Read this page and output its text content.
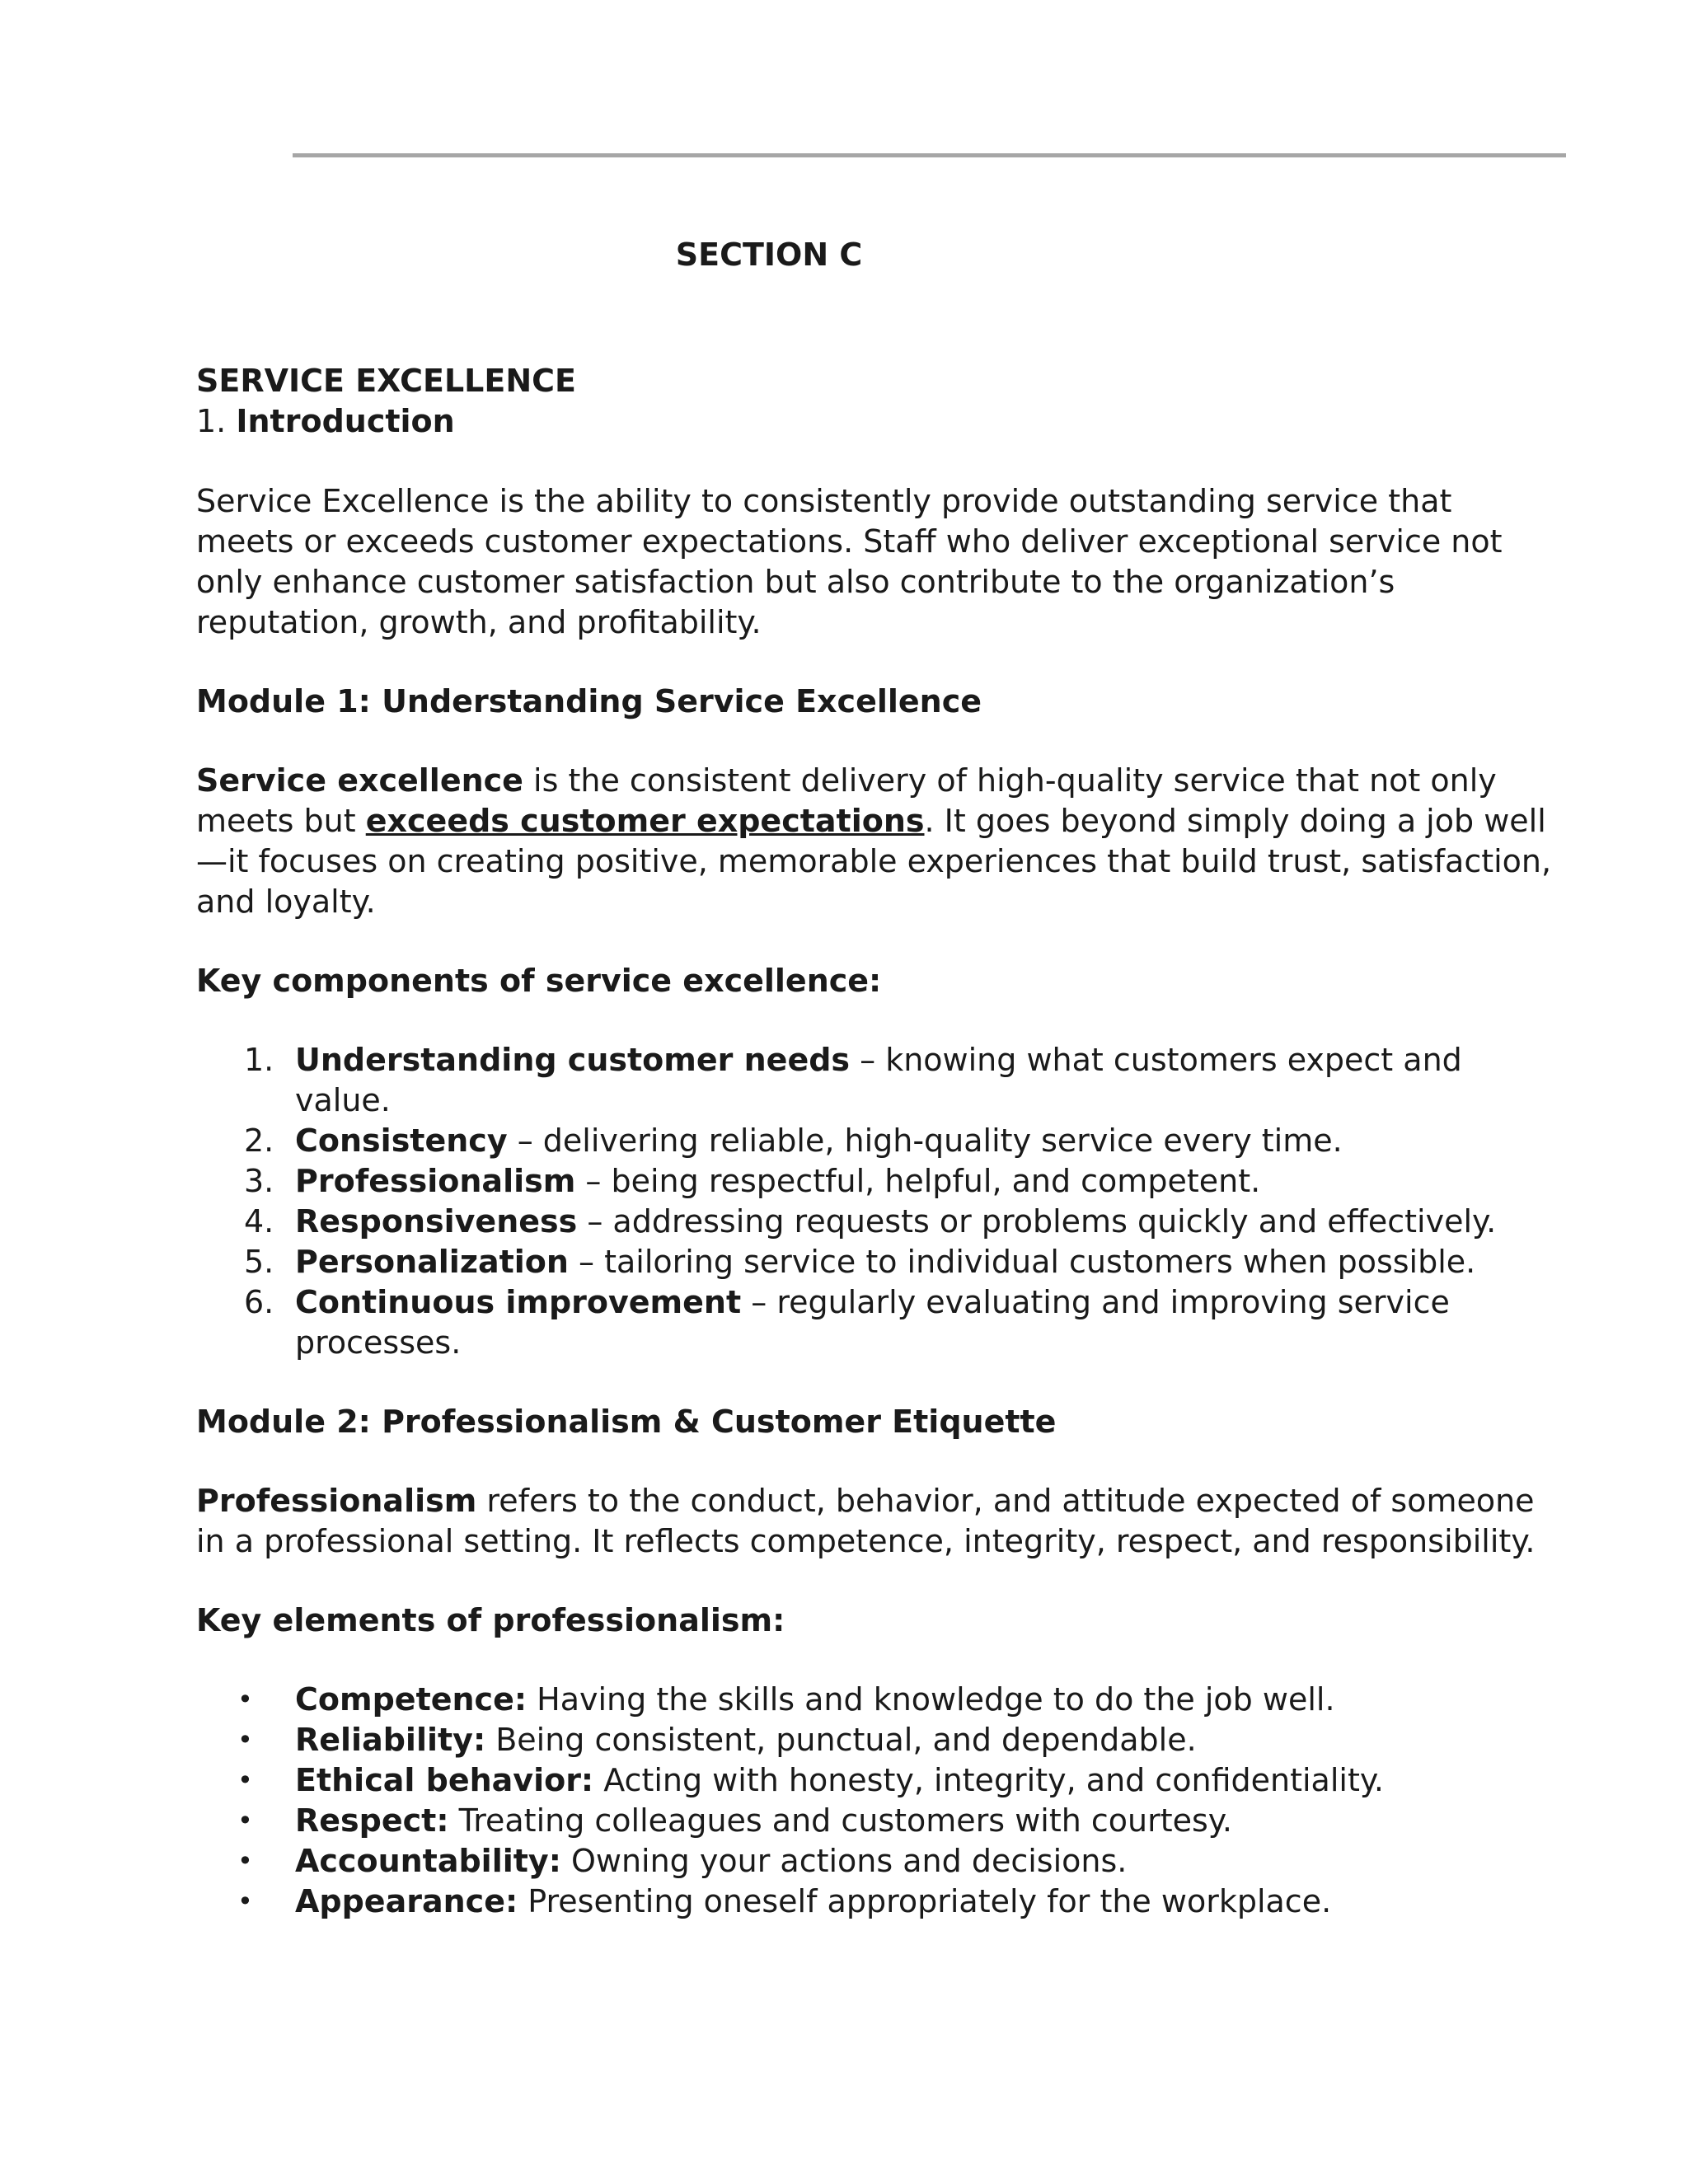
SECTION C

SERVICE EXCELLENCE

1. Introduction

Service Excellence is the ability to consistently provide outstanding service that meets or exceeds customer expectations. Staff who deliver exceptional service not only enhance customer satisfaction but also contribute to the organization’s reputation, growth, and profitability.

Module 1: Understanding Service Excellence

Service excellence is the consistent delivery of high-quality service that not only meets but exceeds customer expectations. It goes beyond simply doing a job well—it focuses on creating positive, memorable experiences that build trust, satisfaction, and loyalty.

Key components of service excellence:

1. Understanding customer needs – knowing what customers expect and value.
2. Consistency – delivering reliable, high-quality service every time.
3. Professionalism – being respectful, helpful, and competent.
4. Responsiveness – addressing requests or problems quickly and effectively.
5. Personalization – tailoring service to individual customers when possible.
6. Continuous improvement – regularly evaluating and improving service processes.

Module 2: Professionalism & Customer Etiquette

Professionalism refers to the conduct, behavior, and attitude expected of someone in a professional setting. It reflects competence, integrity, respect, and responsibility.

Key elements of professionalism:

• Competence: Having the skills and knowledge to do the job well.
• Reliability: Being consistent, punctual, and dependable.
• Ethical behavior: Acting with honesty, integrity, and confidentiality.
• Respect: Treating colleagues and customers with courtesy.
• Accountability: Owning your actions and decisions.
• Appearance: Presenting oneself appropriately for the workplace.
